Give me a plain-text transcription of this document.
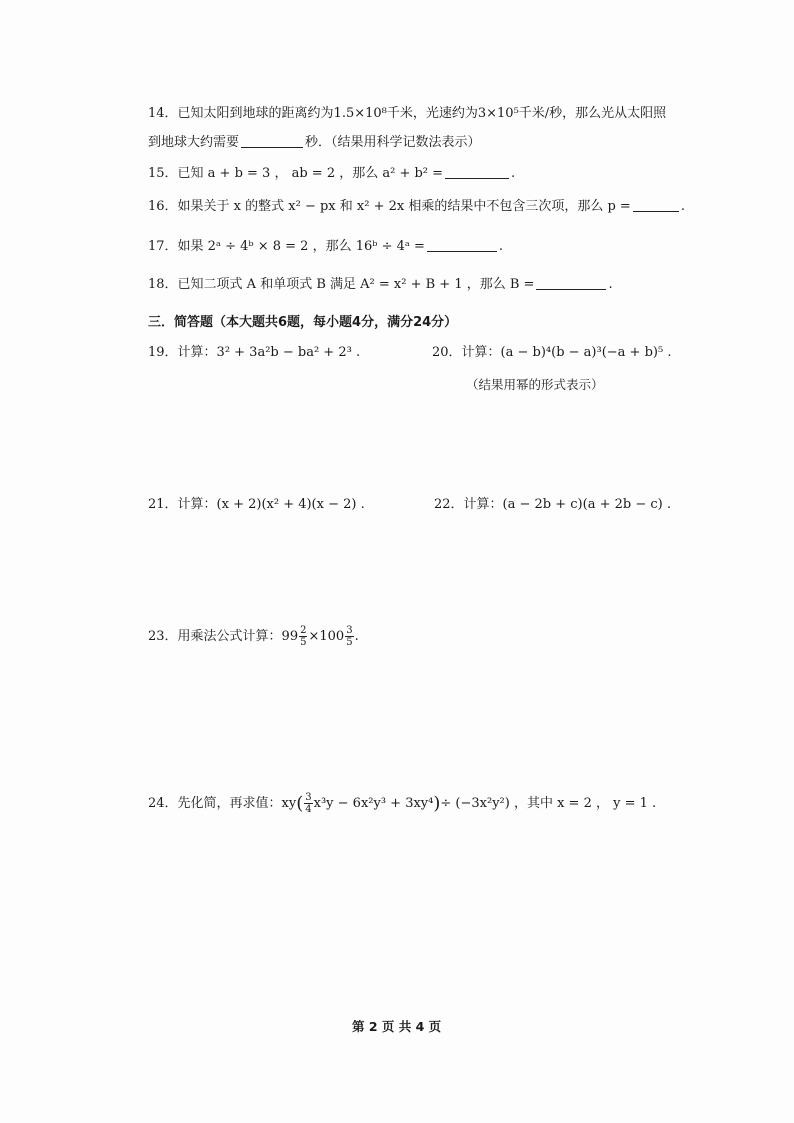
14．已知太阳到地球的距离约为1.5×10⁸千米，光速约为3×10⁵千米/秒，那么光从太阳照
到地球大约需要	秒．（结果用科学记数法表示）
15．已知 a + b = 3 ， ab = 2 ，那么 a² + b² =	.
16．如果关于 x 的整式 x² − px 和 x² + 2x 相乘的结果中不包含三次项，那么 p =	.
17．如果 2ᵃ ÷ 4ᵇ × 8 = 2 ，那么 16ᵇ ÷ 4ᵃ =	.
18．已知二项式 A 和单项式 B 满足 A² = x² + B + 1 ，那么 B =	.
三．简答题（本大题共6题，每小题4分，满分24分）
19．计算：3² + 3a²b − ba² + 2³ .	20．计算：(a − b)⁴(b − a)³(−a + b)⁵ .
（结果用幂的形式表示）
21．计算：(x + 2)(x² + 4)(x − 2) .	22．计算：(a − 2b + c)(a + 2b − c) .
23．用乘法公式计算：$99 \frac{2}{5} \times 100 \frac{3}{5}$ .
24．先化简，再求值：$xy( \frac{3}{4} x^3y - 6x^2y^3 + 3xy^4)\div (-3x^2y^2)$ ，其中 x = 2 ， y = 1 .
第 2 页 共 4 页
